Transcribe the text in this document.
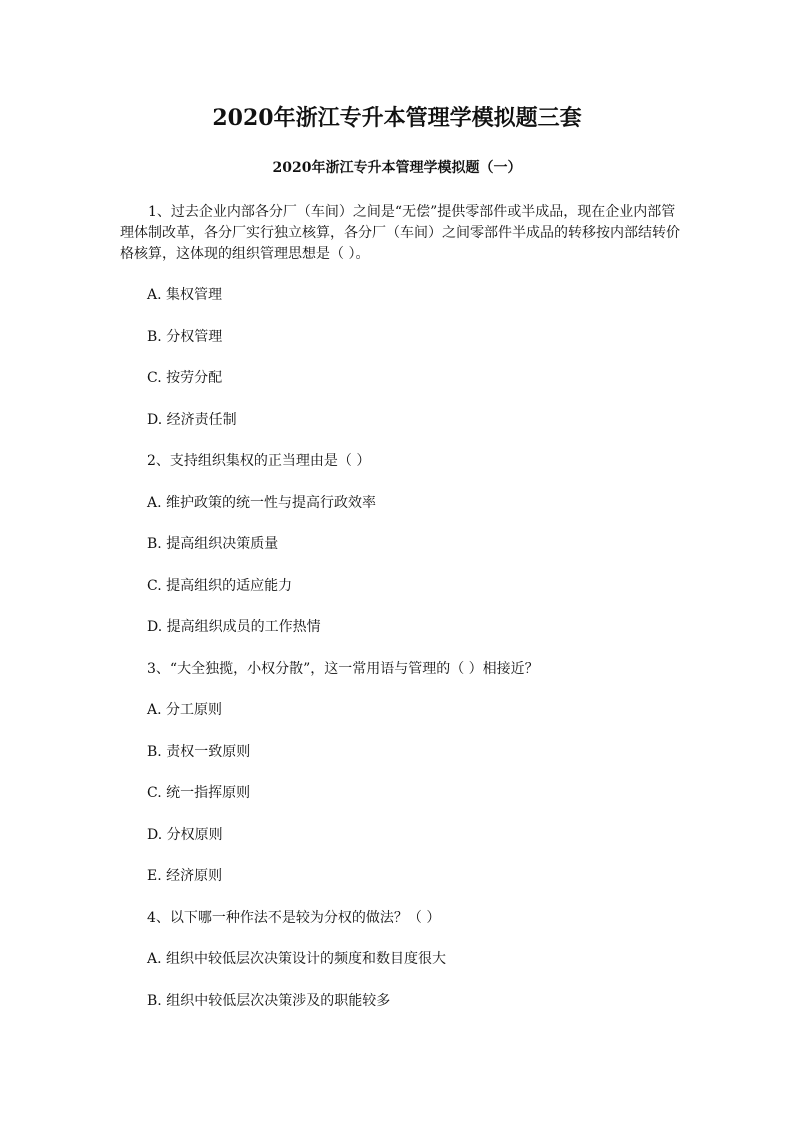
2020年浙江专升本管理学模拟题三套
2020年浙江专升本管理学模拟题（一）

1、过去企业内部各分厂（车间）之间是“无偿”提供零部件或半成品，现在企业内部管理体制改革，各分厂实行独立核算，各分厂（车间）之间零部件半成品的转移按内部结转价格核算，这体现的组织管理思想是（ ）。

A. 集权管理

B. 分权管理

C. 按劳分配

D. 经济责任制

2、支持组织集权的正当理由是（ ）

A. 维护政策的统一性与提高行政效率

B. 提高组织决策质量

C. 提高组织的适应能力

D. 提高组织成员的工作热情

3、“大全独揽，小权分散”，这一常用语与管理的（ ）相接近？

A. 分工原则

B. 责权一致原则

C. 统一指挥原则

D. 分权原则

E. 经济原则

4、以下哪一种作法不是较为分权的做法？（ ）

A. 组织中较低层次决策设计的频度和数目度很大

B. 组织中较低层次决策涉及的职能较多
